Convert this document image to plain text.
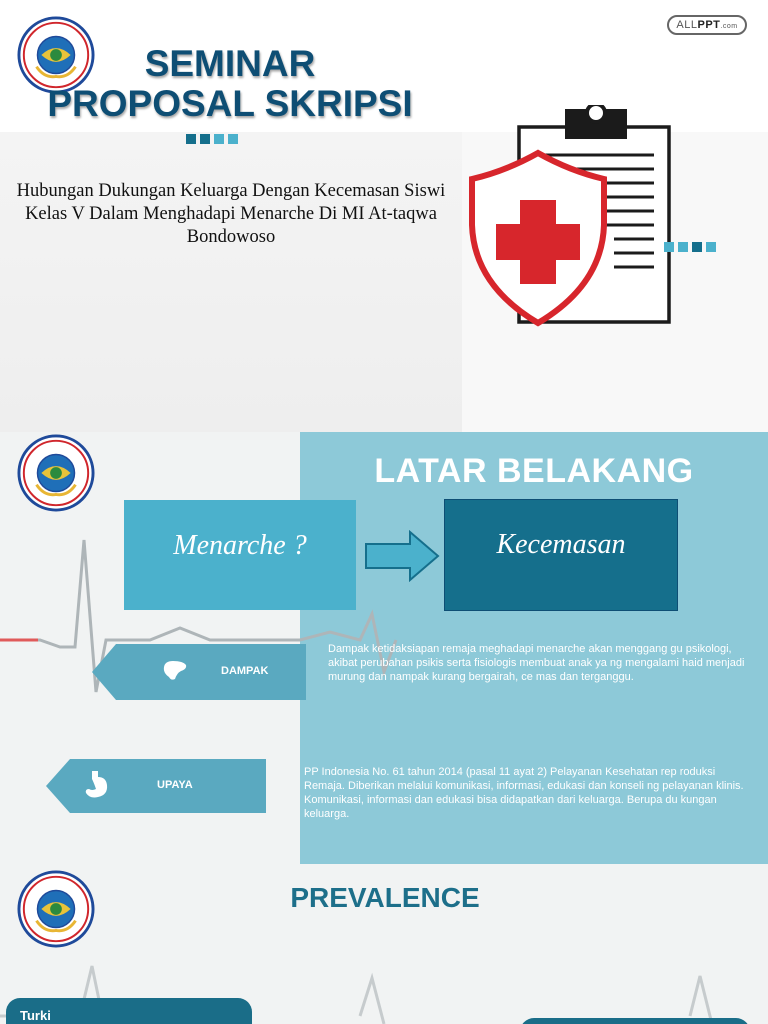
SEMINAR
PROPOSAL SKRIPSI
Hubungan Dukungan Keluarga Dengan Kecemasan Siswi Kelas V Dalam Menghadapi Menarche Di MI At-taqwa Bondowoso
ALLPPT.com
LATAR BELAKANG
Menarche ?	Kecemasan
DAMPAK
UPAYA
Dampak ketidaksiapan remaja meghadapi menarche akan menggang gu psikologi, akibat perubahan psikis serta fisiologis membuat anak ya ng mengalami haid menjadi murung dan nampak kurang bergairah, ce mas dan terganggu.
PP Indonesia No. 61 tahun 2014 (pasal 11 ayat 2) Pelayanan Kesehatan rep roduksi Remaja. Diberikan melalui komunikasi, informasi, edukasi dan konseli ng pelayanan klinis.
Komunikasi, informasi dan edukasi bisa didapatkan dari keluarga. Berupa du kungan keluarga.
Turki
PREVALENCE
